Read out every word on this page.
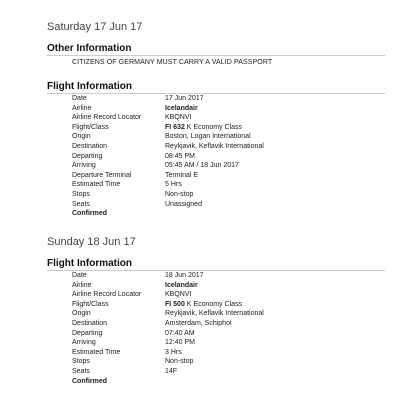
Saturday 17 Jun 17
Other Information
CITIZENS OF GERMANY MUST CARRY A VALID PASSPORT
Flight Information
Date	17 Jun 2017
Airline	Icelandair
Airline Record Locator	KBQNVI
Flight/Class	FI 632 K Economy Class
Origin	Boston, Logan International
Destination	Reykjavik, Keflavik International
Departing	08:45 PM
Arriving	05:45 AM / 18 Jun 2017
Departure Terminal	Terminal E
Estimated Time	5 Hrs
Stops	Non-stop
Seats	Unassigned
Confirmed
Sunday 18 Jun 17
Flight Information
Date	18 Jun 2017
Airline	Icelandair
Airline Record Locator	KBQNVI
Flight/Class	FI 500 K Economy Class
Origin	Reykjavik, Keflavik International
Destination	Amsterdam, Schiphol
Departing	07:40 AM
Arriving	12:40 PM
Estimated Time	3 Hrs
Stops	Non-stop
Seats	14F
Confirmed
